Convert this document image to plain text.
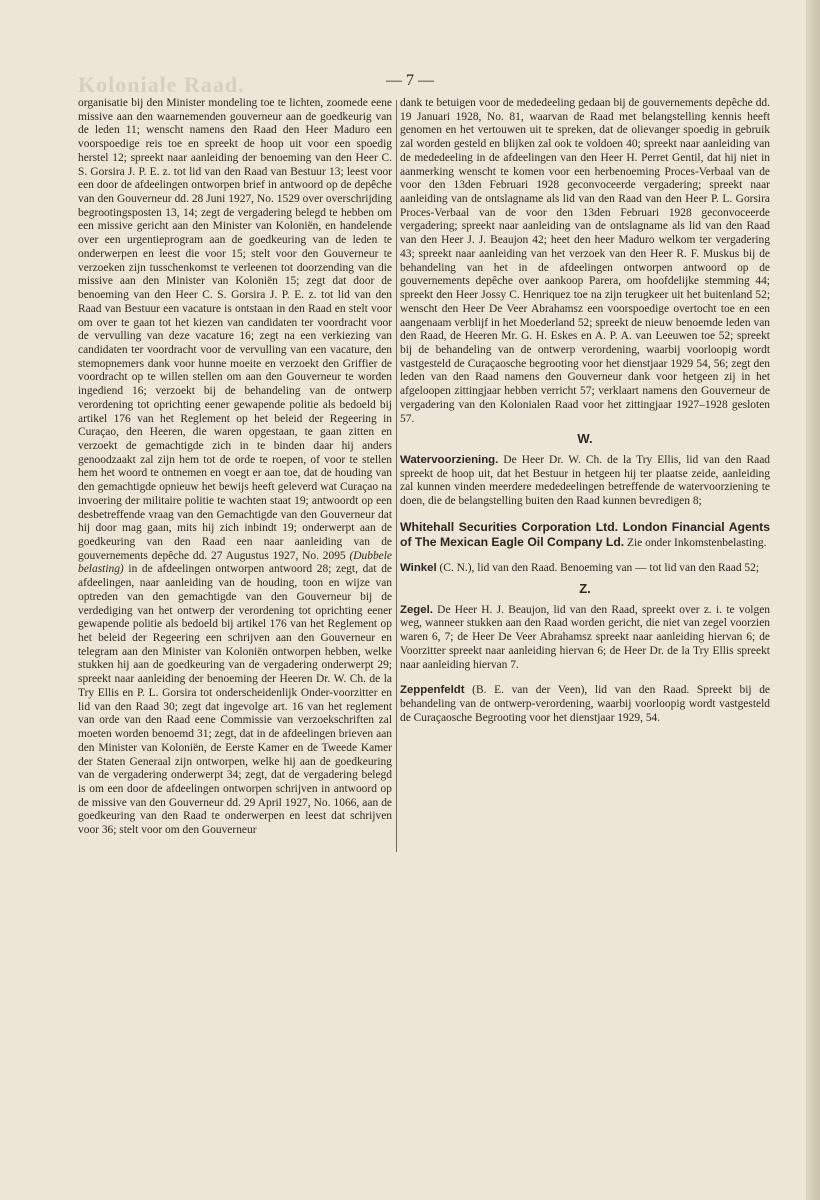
Koloniale Raad.	— 7 —

organisatie bij den Minister mondeling toe te lichten, zoomede eene missive aan den waarnemenden gouverneur aan de goedkeurig van de leden 11; wenscht namens den Raad den Heer Maduro een voorspoedige reis toe en spreekt de hoop uit voor een spoedig herstel 12; spreekt naar aanleiding der benoeming van den Heer C. S. Gorsira J. P. E. z. tot lid van den Raad van Bestuur 13; leest voor een door de afdeelingen ontworpen brief in antwoord op de depêche van den Gouverneur dd. 28 Juni 1927, No. 1529 over overschrijding begrootingsposten 13, 14; zegt de vergadering belegd te hebben om een missive gericht aan den Minister van Koloniën, en handelende over een urgentieprogram aan de goedkeuring van de leden te onderwerpen en leest die voor 15; stelt voor den Gouverneur te verzoeken zijn tusschenkomst te verleenen tot doorzending van die missive aan den Minister van Koloniën 15; zegt dat door de benoeming van den Heer C. S. Gorsira J. P. E. z. tot lid van den Raad van Bestuur een vacature is ontstaan in den Raad en stelt voor om over te gaan tot het kiezen van candidaten ter voordracht voor de vervulling van deze vacature 16; zegt na een verkiezing van candidaten ter voordracht voor de vervulling van een vacature, den stemopnemers dank voor hunne moeite en verzoekt den Griffier de voordracht op te willen stellen om aan den Gouverneur te worden ingediend 16; verzoekt bij de behandeling van de ontwerp verordening tot oprichting eener gewapende politie als bedoeld bij artikel 176 van het Reglement op het beleid der Regeering in Curaçao, den Heeren, die waren opgestaan, te gaan zitten en verzoekt de gemachtigde zich in te binden daar hij anders genoodzaakt zal zijn hem tot de orde te roepen, of voor te stellen hem het woord te ontnemen en voegt er aan toe, dat de houding van den gemachtigde opnieuw het bewijs heeft geleverd wat Curaçao na invoering der militaire politie te wachten staat 19; antwoordt op een desbetreffende vraag van den Gemachtigde van den Gouverneur dat hij door mag gaan, mits hij zich inbindt 19; onderwerpt aan de goedkeuring van den Raad een naar aanleiding van de gouvernements depêche dd. 27 Augustus 1927, No. 2095 (Dubbele belasting) in de afdeelingen ontworpen antwoord 28; zegt, dat de afdeelingen, naar aanleiding van de houding, toon en wijze van optreden van den gemachtigde van den Gouverneur bij de verdediging van het ontwerp der verordening tot oprichting eener gewapende politie als bedoeld bij artikel 176 van het Reglement op het beleid der Regeering een schrijven aan den Gouverneur en telegram aan den Minister van Koloniën ontworpen hebben, welke stukken hij aan de goedkeuring van de vergadering onderwerpt 29; spreekt naar aanleiding der benoeming der Heeren Dr. W. Ch. de la Try Ellis en P. L. Gorsira tot onderscheidenlijk Onder-voorzitter en lid van den Raad 30; zegt dat ingevolge art. 16 van het reglement van orde van den Raad eene Commissie van verzoekschriften zal moeten worden benoemd 31; zegt, dat in de afdeelingen brieven aan den Minister van Koloniën, de Eerste Kamer en de Tweede Kamer der Staten Generaal zijn ontworpen, welke hij aan de goedkeuring van de vergadering onderwerpt 34; zegt, dat de vergadering belegd is om een door de afdeelingen ontworpen schrijven in antwoord op de missive van den Gouverneur dd. 29 April 1927, No. 1066, aan de goedkeuring van den Raad te onderwerpen en leest dat schrijven voor 36; stelt voor om den Gouverneur

dank te betuigen voor de mededeeling gedaan bij de gouvernements depêche dd. 19 Januari 1928, No. 81, waarvan de Raad met belangstelling kennis heeft genomen en het vertouwen uit te spreken, dat de olievanger spoedig in gebruik zal worden gesteld en blijken zal ook te voldoen 40; spreekt naar aanleiding van de mededeeling in de afdeelingen van den Heer H. Perret Gentil, dat hij niet in aanmerking wenscht te komen voor een herbenoeming Proces-Verbaal van de voor den 13den Februari 1928 geconvoceerde vergadering; spreekt naar aanleiding van de ontslagname als lid van den Raad van den Heer P. L. Gorsira Proces-Verbaal van de voor den 13den Februari 1928 geconvoceerde vergadering; spreekt naar aanleiding van de ontslagname als lid van den Raad van den Heer J. J. Beaujon 42; heet den heer Maduro welkom ter vergadering 43; spreekt naar aanleiding van het verzoek van den Heer R. F. Muskus bij de behandeling van het in de afdeelingen ontworpen antwoord op de gouvernements depêche over aankoop Parera, om hoofdelijke stemming 44; spreekt den Heer Jossy C. Henriquez toe na zijn terugkeer uit het buitenland 52; wenscht den Heer De Veer Abrahamsz een voorspoedige overtocht toe en een aangenaam verblijf in het Moederland 52; spreekt de nieuw benoemde leden van den Raad, de Heeren Mr. G. H. Eskes en A. P. A. van Leeuwen toe 52; spreekt bij de behandeling van de ontwerp verordening, waarbij voorloopig wordt vastgesteld de Curaçaosche begrooting voor het dienstjaar 1929 54, 56; zegt den leden van den Raad namens den Gouverneur dank voor hetgeen zij in het afgeloopen zittingjaar hebben verricht 57; verklaart namens den Gouverneur de vergadering van den Kolonialen Raad voor het zittingjaar 1927–1928 gesloten 57.

W.

Watervoorziening. De Heer Dr. W. Ch. de la Try Ellis, lid van den Raad spreekt de hoop uit, dat het Bestuur in hetgeen hij ter plaatse zeide, aanleiding zal kunnen vinden meerdere mededeelingen betreffende de watervoorziening te doen, die de belangstelling buiten den Raad kunnen bevredigen 8;

Whitehall Securities Corporation Ltd. London Financial Agents of The Mexican Eagle Oil Company Ld. Zie onder Inkomstenbelasting.

Winkel (C. N.), lid van den Raad. Benoeming van — tot lid van den Raad 52;

Z.

Zegel. De Heer H. J. Beaujon, lid van den Raad, spreekt over z. i. te volgen weg, wanneer stukken aan den Raad worden gericht, die niet van zegel voorzien waren 6, 7; de Heer De Veer Abrahamsz spreekt naar aanleiding hiervan 6; de Voorzitter spreekt naar aanleiding hiervan 6; de Heer Dr. de la Try Ellis spreekt naar aanleiding hiervan 7.

Zeppenfeldt (B. E. van der Veen), lid van den Raad. Spreekt bij de behandeling van de ontwerp-verordening, waarbij voorloopig wordt vastgesteld de Curaçaosche Begrooting voor het dienstjaar 1929, 54.
